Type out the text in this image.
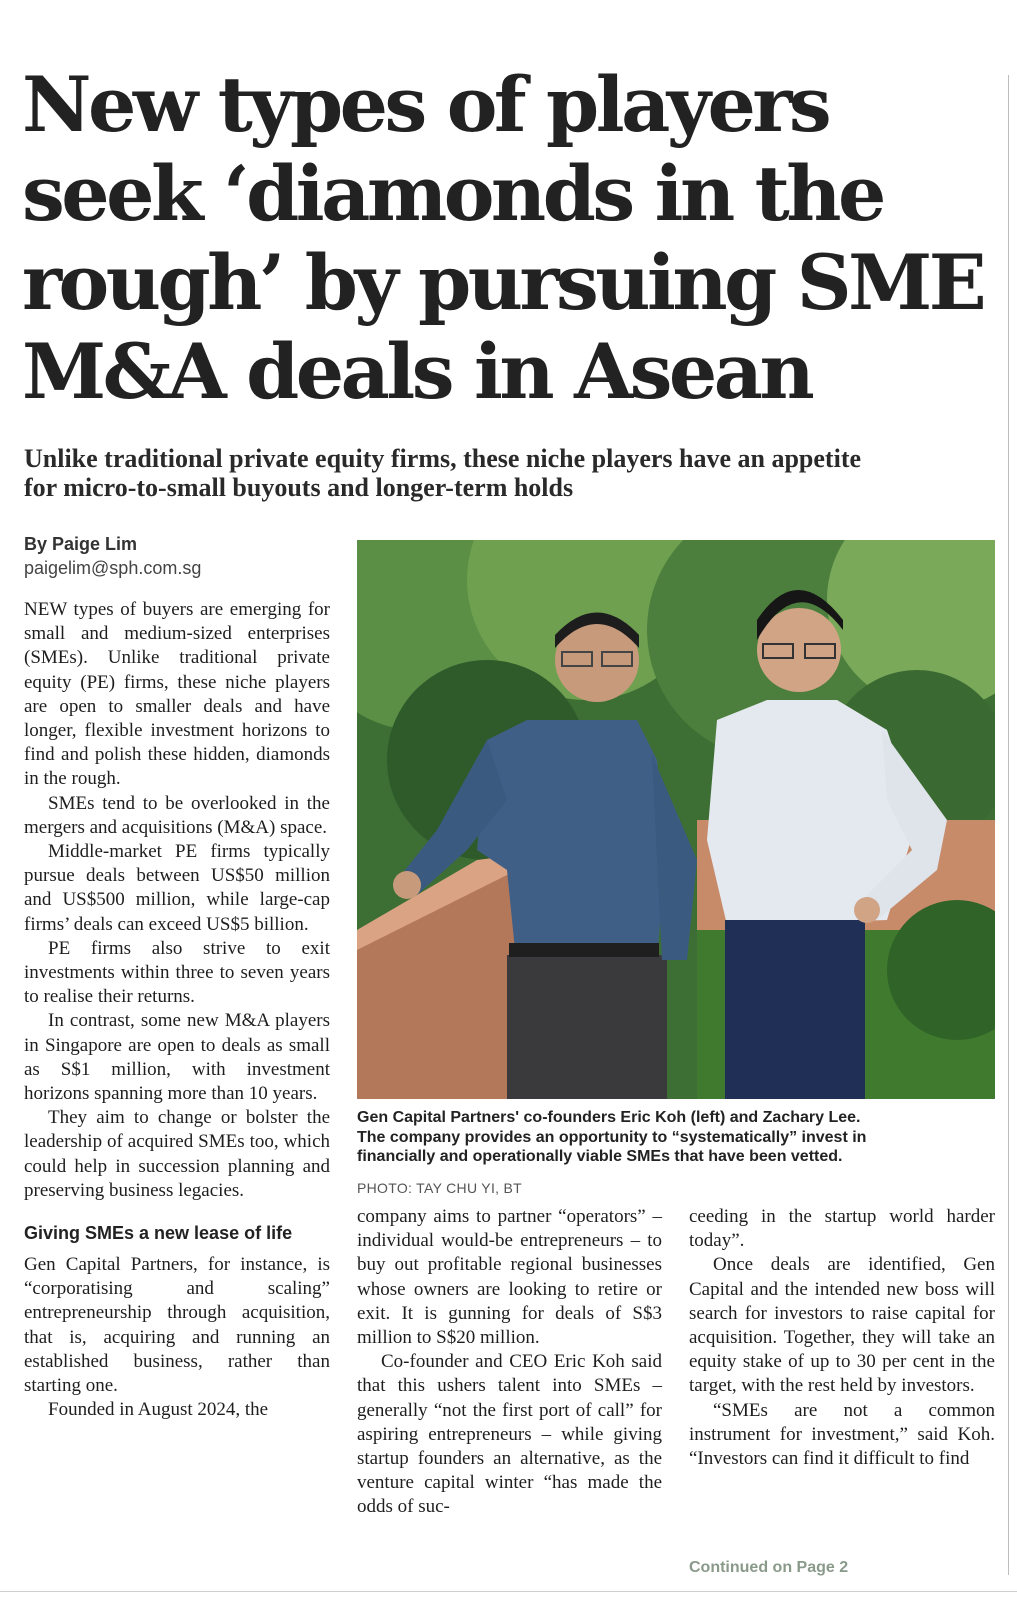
New types of players
seek ‘diamonds in the
rough’ by pursuing SME
M&A deals in Asean
Unlike traditional private equity firms, these niche players have an appetite
for micro-to-small buyouts and longer-term holds
By Paige Lim
paigelim@sph.com.sg

NEW types of buyers are emerging for small and medium-sized enterprises (SMEs). Unlike traditional private equity (PE) firms, these niche players are open to smaller deals and have longer, flexible investment horizons to find and polish these hidden, diamonds in the rough.

SMEs tend to be overlooked in the mergers and acquisitions (M&A) space.

Middle-market PE firms typically pursue deals between US$50 million and US$500 million, while large-cap firms’ deals can exceed US$5 billion.

PE firms also strive to exit investments within three to seven years to realise their returns.

In contrast, some new M&A players in Singapore are open to deals as small as S$1 million, with investment horizons spanning more than 10 years.

They aim to change or bolster the leadership of acquired SMEs too, which could help in succession planning and preserving business legacies.

Giving SMEs a new lease of life

Gen Capital Partners, for instance, is “corporatising and scaling” entrepreneurship through acquisition, that is, acquiring and running an established business, rather than starting one.

Founded in August 2024, the

Gen Capital Partners' co-founders Eric Koh (left) and Zachary Lee.
The company provides an opportunity to “systematically” invest in
financially and operationally viable SMEs that have been vetted.
PHOTO: TAY CHU YI, BT

company aims to partner “operators” – individual would-be entrepreneurs – to buy out profitable regional businesses whose owners are looking to retire or exit. It is gunning for deals of S$3 million to S$20 million.

Co-founder and CEO Eric Koh said that this ushers talent into SMEs – generally “not the first port of call” for aspiring entrepreneurs – while giving startup founders an alternative, as the venture capital winter “has made the odds of suc-

ceeding in the startup world harder today”.

Once deals are identified, Gen Capital and the intended new boss will search for investors to raise capital for acquisition. Together, they will take an equity stake of up to 30 per cent in the target, with the rest held by investors.

“SMEs are not a common instrument for investment,” said Koh. “Investors can find it difficult to find

Continued on Page 2
